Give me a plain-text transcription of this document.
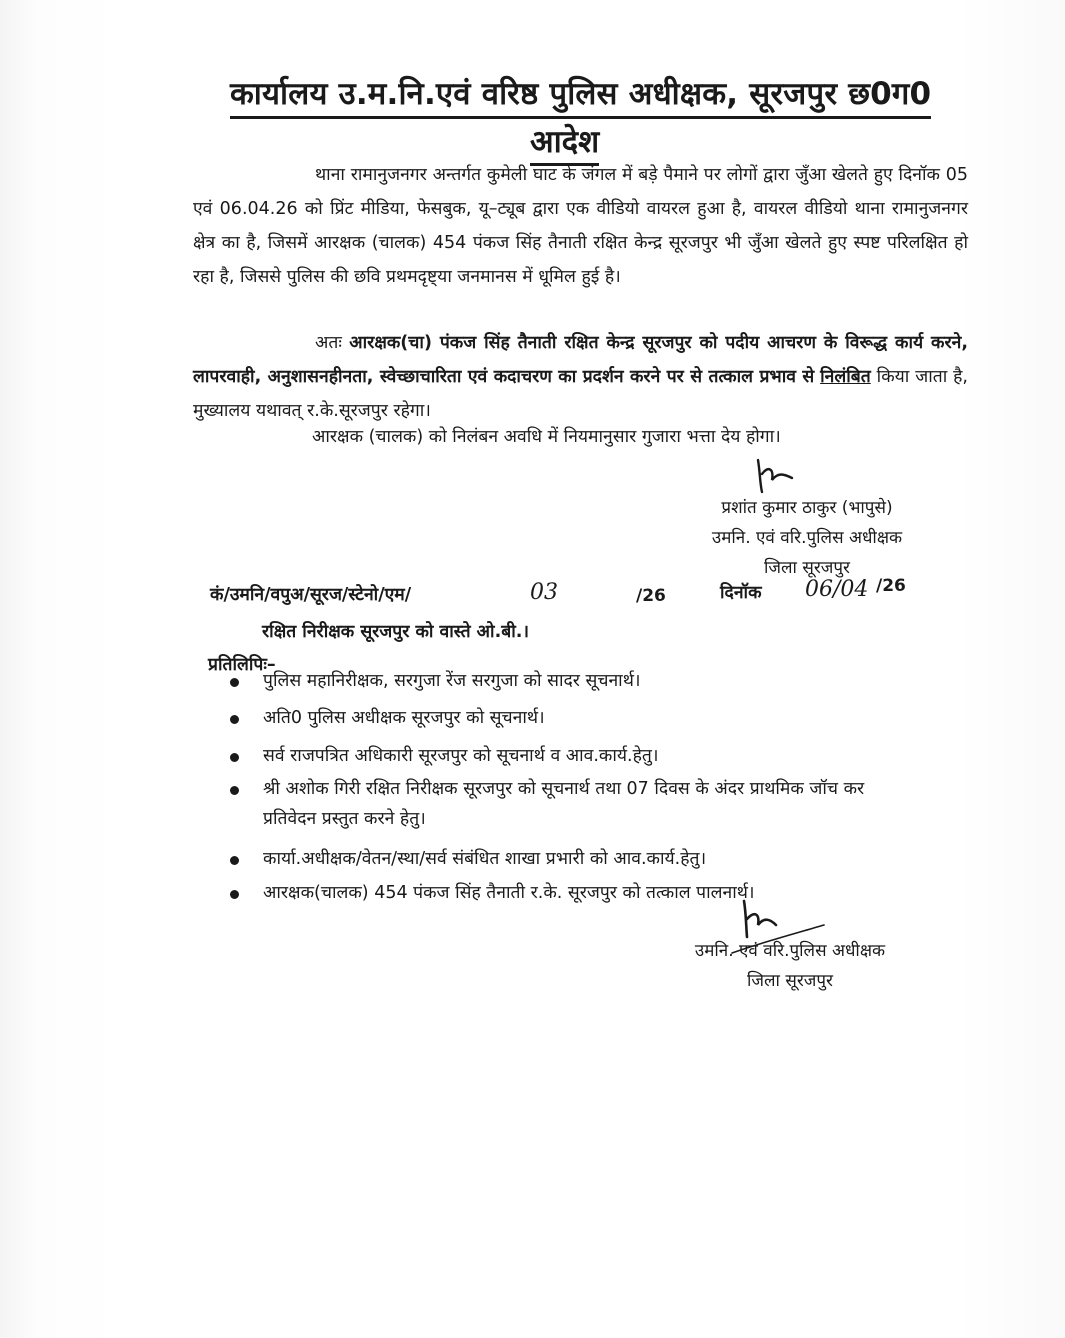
कार्यालय उ.म.नि.एवं वरिष्ठ पुलिस अधीक्षक, सूरजपुर छ0ग0
आदेश
थाना रामानुजनगर अन्तर्गत कुमेली घाट के जंगल में बड़े पैमाने पर लोगों द्वारा जुँआ खेलते हुए दिनॉक 05 एवं 06.04.26 को प्रिंट मीडिया, फेसबुक, यू–ट्यूब द्वारा एक वीडियो वायरल हुआ है, वायरल वीडियो थाना रामानुजनगर क्षेत्र का है, जिसमें आरक्षक (चालक) 454 पंकज सिंह तैनाती रक्षित केन्द्र सूरजपुर भी जुँआ खेलते हुए स्पष्ट परिलक्षित हो रहा है, जिससे पुलिस की छवि प्रथमदृष्ट्या जनमानस में धूमिल हुई है।
अतः आरक्षक(चा) पंकज सिंह तैनाती रक्षित केन्द्र सूरजपुर को पदीय आचरण के विरूद्ध कार्य करने, लापरवाही, अनुशासनहीनता, स्वेच्छाचारिता एवं कदाचरण का प्रदर्शन करने पर से तत्काल प्रभाव से निलंबित किया जाता है, मुख्यालय यथावत् र.के.सूरजपुर रहेगा।
आरक्षक (चालक) को निलंबन अवधि में नियमानुसार गुजारा भत्ता देय होगा।
प्रशांत कुमार ठाकुर (भापुसे)
उमनि. एवं वरि.पुलिस अधीक्षक
जिला सूरजपुर
कं/उमनि/वपुअ/सूरज/स्टेनो/एम/	03	/26	दिनॉक 06/04 /26
रक्षित निरीक्षक सूरजपुर को वास्ते ओ.बी.।
प्रतिलिपिः–
पुलिस महानिरीक्षक, सरगुजा रेंज सरगुजा को सादर सूचनार्थ।
अति0 पुलिस अधीक्षक सूरजपुर को सूचनार्थ।
सर्व राजपत्रित अधिकारी सूरजपुर को सूचनार्थ व आव.कार्य.हेतु।
श्री अशोक गिरी रक्षित निरीक्षक सूरजपुर को सूचनार्थ तथा 07 दिवस के अंदर प्राथमिक जॉच कर प्रतिवेदन प्रस्तुत करने हेतु।
कार्या.अधीक्षक/वेतन/स्था/सर्व संबंधित शाखा प्रभारी को आव.कार्य.हेतु।
आरक्षक(चालक) 454 पंकज सिंह तैनाती र.के. सूरजपुर को तत्काल पालनार्थ।
उमनि. एवं वरि.पुलिस अधीक्षक
जिला सूरजपुर
